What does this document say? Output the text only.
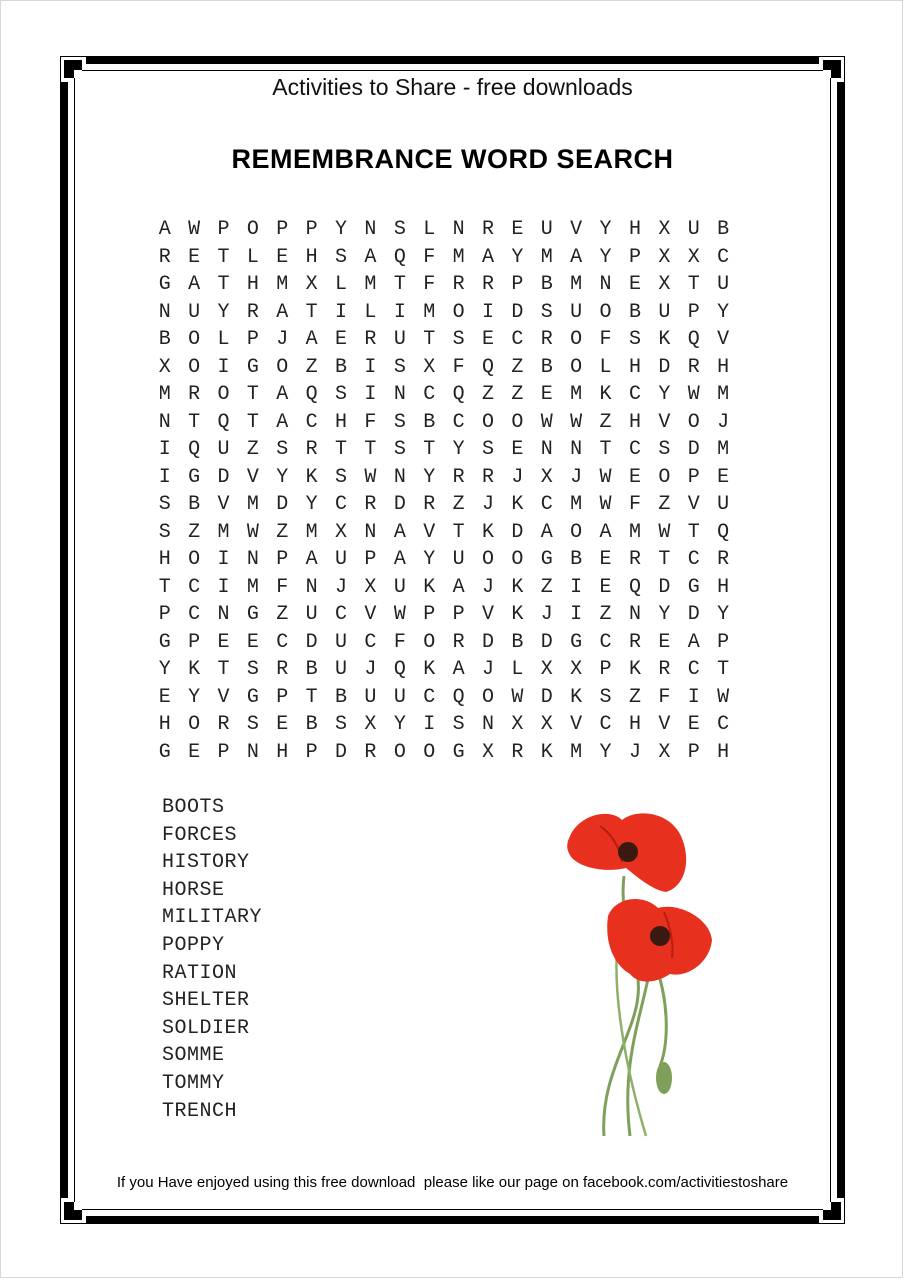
Activities to Share - free downloads
REMEMBRANCE WORD SEARCH
A W P O P P Y N S L N R E U V Y H X U B
R E T L E H S A Q F M A Y M A Y P X X C
G A T H M X L M T F R R P B M N E X T U
N U Y R A T I L I M O I D S U O B U P Y
B O L P J A E R U T S E C R O F S K Q V
X O I G O Z B I S X F Q Z B O L H D R H
M R O T A Q S I N C Q Z Z E M K C Y W M
N T Q T A C H F S B C O O W W Z H V O J
I Q U Z S R T T S T Y S E N N T C S D M
I G D V Y K S W N Y R R J X J W E O P E
S B V M D Y C R D R Z J K C M W F Z V U
S Z M W Z M X N A V T K D A O A M W T Q
H O I N P A U P A Y U O O G B E R T C R
T C I M F N J X U K A J K Z I E Q D G H
P C N G Z U C V W P P V K J I Z N Y D Y
G P E E C D U C F O R D B D G C R E A P
Y K T S R B U J Q K A J L X X P K R C T
E Y V G P T B U U C Q O W D K S Z F I W
H O R S E B S X Y I S N X X V C H V E C
G E P N H P D R O O G X R K M Y J X P H
BOOTS
FORCES
HISTORY
HORSE
MILITARY
POPPY
RATION
SHELTER
SOLDIER
SOMME
TOMMY
TRENCH
If you Have enjoyed using this free download  please like our page on facebook.com/activitiestoshare
